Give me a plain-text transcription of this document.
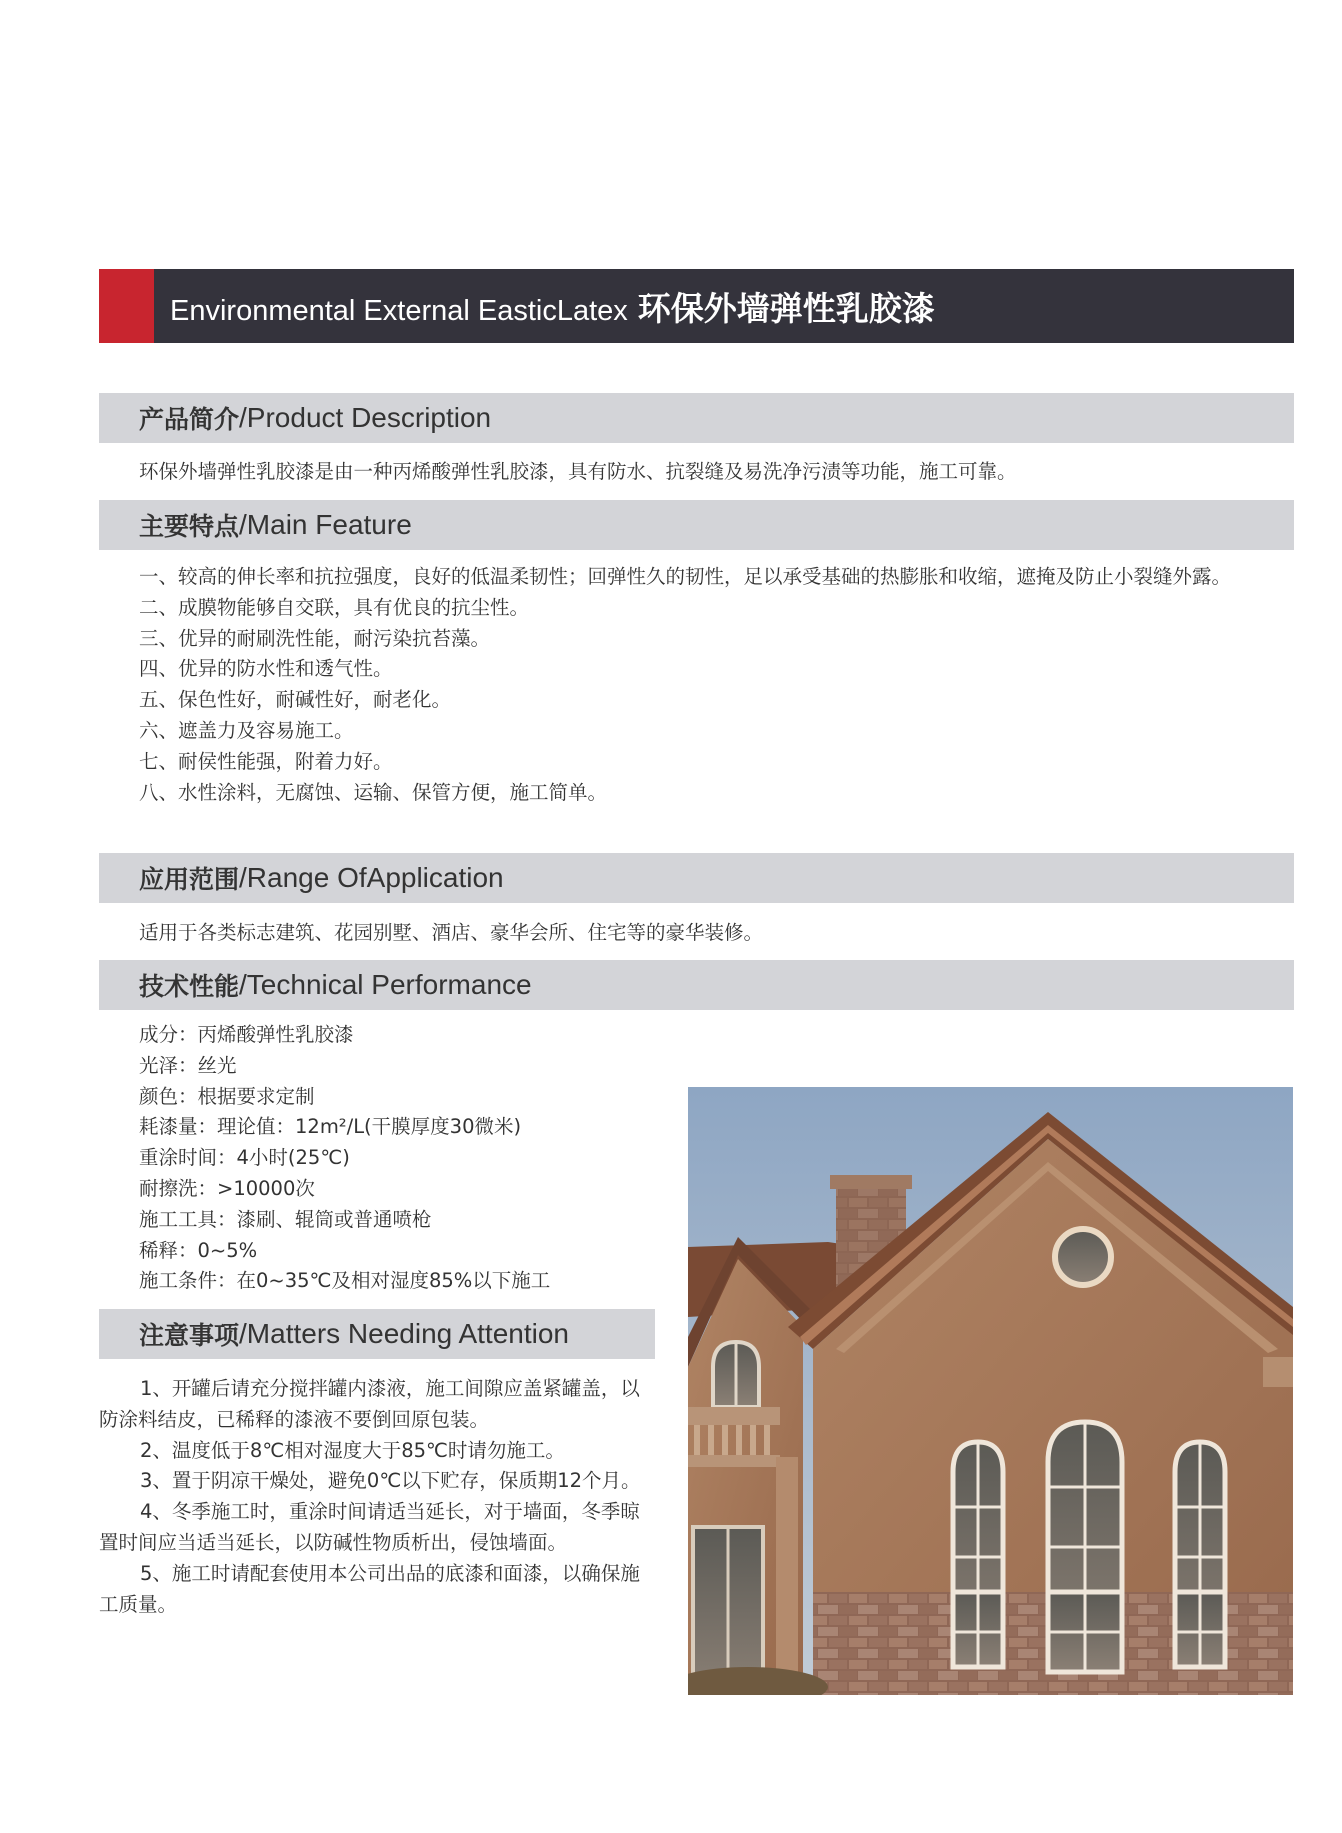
Environmental External EasticLatex 环保外墙弹性乳胶漆
产品简介 /Product Description
环保外墙弹性乳胶漆是由一种丙烯酸弹性乳胶漆，具有防水、抗裂缝及易洗净污渍等功能，施工可靠。
主要特点 /Main Feature
一、较高的伸长率和抗拉强度，良好的低温柔韧性；回弹性久的韧性，足以承受基础的热膨胀和收缩，遮掩及防止小裂缝外露。
二、成膜物能够自交联，具有优良的抗尘性。
三、优异的耐刷洗性能，耐污染抗苔藻。
四、优异的防水性和透气性。
五、保色性好，耐碱性好，耐老化。
六、遮盖力及容易施工。
七、耐侯性能强，附着力好。
八、水性涂料，无腐蚀、运输、保管方便，施工简单。
应用范围 /Range OfApplication
适用于各类标志建筑、花园别墅、酒店、豪华会所、住宅等的豪华装修。
技术性能 /Technical Performance
成分：丙烯酸弹性乳胶漆
光泽：丝光
颜色：根据要求定制
耗漆量：理论值：12m²/L(干膜厚度30微米)
重涂时间：4小时(25℃)
耐擦洗：>10000次
施工工具：漆刷、辊筒或普通喷枪
稀释：0~5%
施工条件：在0~35℃及相对湿度85%以下施工
注意事项 /Matters Needing Attention

1、开罐后请充分搅拌罐内漆液，施工间隙应盖紧罐盖，以防涂料结皮，已稀释的漆液不要倒回原包装。

2、温度低于8℃相对湿度大于85℃时请勿施工。

3、置于阴凉干燥处，避免0℃以下贮存，保质期12个月。

4、冬季施工时，重涂时间请适当延长，对于墙面，冬季晾置时间应当适当延长，以防碱性物质析出，侵蚀墙面。

5、施工时请配套使用本公司出品的底漆和面漆，以确保施工质量。
